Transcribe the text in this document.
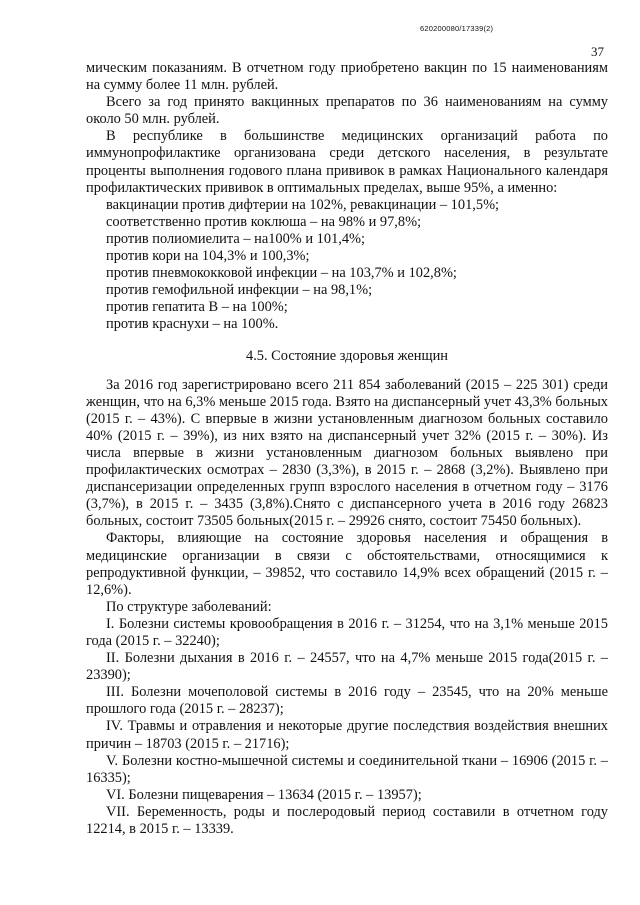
620200080/17339(2)
37

мическим показаниям. В отчетном году приобретено вакцин по 15 наименованиям на сумму более 11 млн. рублей.

Всего за год принято вакцинных препаратов по 36 наименованиям на сумму около 50 млн. рублей.

В республике в большинстве медицинских организаций работа по иммунопрофилактике организована среди детского населения, в результате проценты выполнения годового плана прививок в рамках Национального календаря профилактических прививок в оптимальных пределах, выше 95%, а именно:

вакцинации против дифтерии на 102%, ревакцинации – 101,5%;

соответственно против коклюша – на 98% и 97,8%;

против полиомиелита – на100% и 101,4%;

против кори на 104,3% и 100,3%;

против пневмококковой инфекции – на 103,7% и 102,8%;

против гемофильной инфекции – на 98,1%;

против гепатита В – на 100%;

против краснухи – на 100%.

4.5. Состояние здоровья женщин

За 2016 год зарегистрировано всего 211 854 заболеваний (2015 – 225 301) среди женщин, что на 6,3% меньше 2015 года. Взято на диспансерный учет 43,3% больных (2015 г. – 43%). С впервые в жизни установленным диагнозом больных составило 40% (2015 г. – 39%), из них взято на диспансерный учет 32% (2015 г. – 30%). Из числа впервые в жизни установленным диагнозом больных выявлено при профилактических осмотрах – 2830 (3,3%), в 2015 г. – 2868 (3,2%). Выявлено при диспансеризации определенных групп взрослого населения в отчетном году – 3176 (3,7%), в 2015 г. – 3435 (3,8%).Снято с диспансерного учета в 2016 году 26823 больных, состоит 73505 больных(2015 г. – 29926 снято, состоит 75450 больных).

Факторы, влияющие на состояние здоровья населения и обращения в медицинские организации в связи с обстоятельствами, относящимися к репродуктивной функции, – 39852, что составило 14,9% всех обращений (2015 г. – 12,6%).

По структуре заболеваний:

I. Болезни системы кровообращения в 2016 г. – 31254, что на 3,1% меньше 2015 года (2015 г. – 32240);

II. Болезни дыхания в 2016 г. – 24557, что на 4,7% меньше 2015 года(2015 г. – 23390);

III. Болезни мочеполовой системы в 2016 году – 23545, что на 20% меньше прошлого года (2015 г. – 28237);

IV. Травмы и отравления и некоторые другие последствия воздействия внешних причин – 18703 (2015 г. – 21716);

V. Болезни костно-мышечной системы и соединительной ткани – 16906 (2015 г. – 16335);

VI. Болезни пищеварения – 13634 (2015 г. – 13957);

VII. Беременность, роды и послеродовый период составили в отчетном году 12214, в 2015 г. – 13339.
